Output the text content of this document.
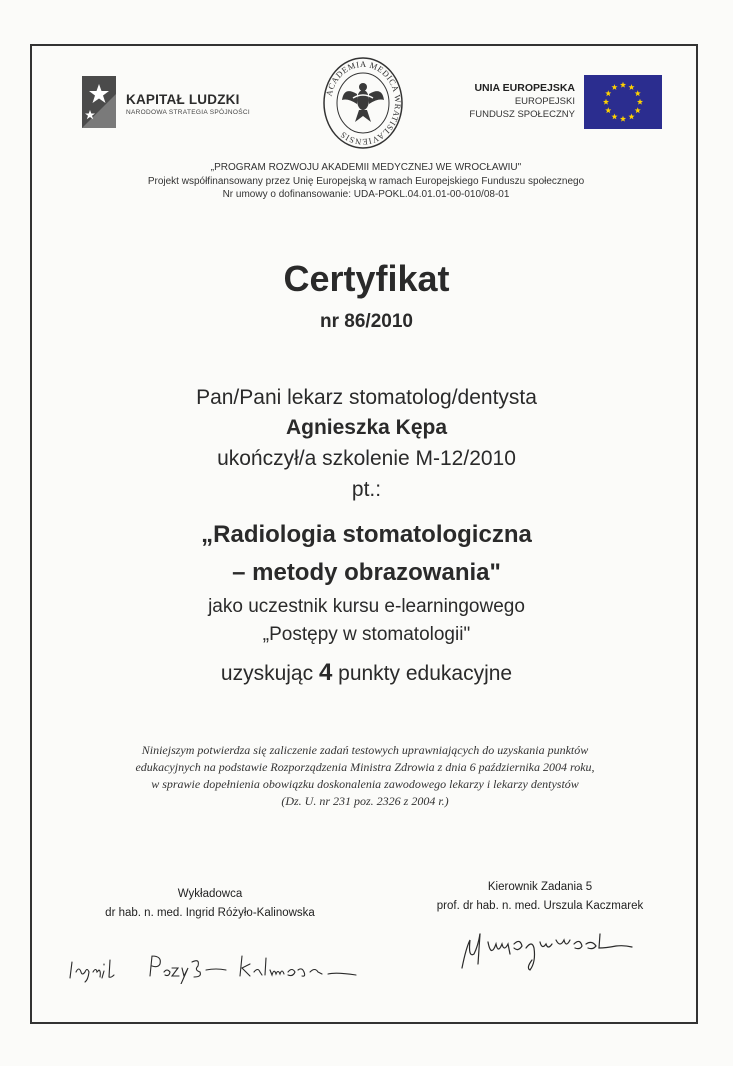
KAPITAŁ LUDZKI
NARODOWA STRATEGIA SPÓJNOŚCI
ACADEMIA MEDICA WRATISLAVIENSIS
UNIA EUROPEJSKA
EUROPEJSKI
FUNDUSZ SPOŁECZNY
„PROGRAM ROZWOJU AKADEMII MEDYCZNEJ WE WROCŁAWIU"
Projekt współfinansowany przez Unię Europejską w ramach Europejskiego Funduszu społecznego
Nr umowy o dofinansowanie: UDA-POKL.04.01.01-00-010/08-01
Certyfikat
nr 86/2010
Pan/Pani lekarz stomatolog/dentysta
Agnieszka Kępa
ukończył/a szkolenie M-12/2010
pt.:
„Radiologia stomatologiczna
– metody obrazowania"
jako uczestnik kursu e-learningowego
„Postępy w stomatologii"
uzyskując 4 punkty edukacyjne
Niniejszym potwierdza się zaliczenie zadań testowych uprawniających do uzyskania punktów
edukacyjnych na podstawie Rozporządzenia Ministra Zdrowia z dnia 6 października 2004 roku,
w sprawie dopełnienia obowiązku doskonalenia zawodowego lekarzy i lekarzy dentystów
(Dz. U. nr 231 poz. 2326 z 2004 r.)
Wykładowca
dr hab. n. med. Ingrid Różyło-Kalinowska
Kierownik Zadania 5
prof. dr hab. n. med. Urszula Kaczmarek
